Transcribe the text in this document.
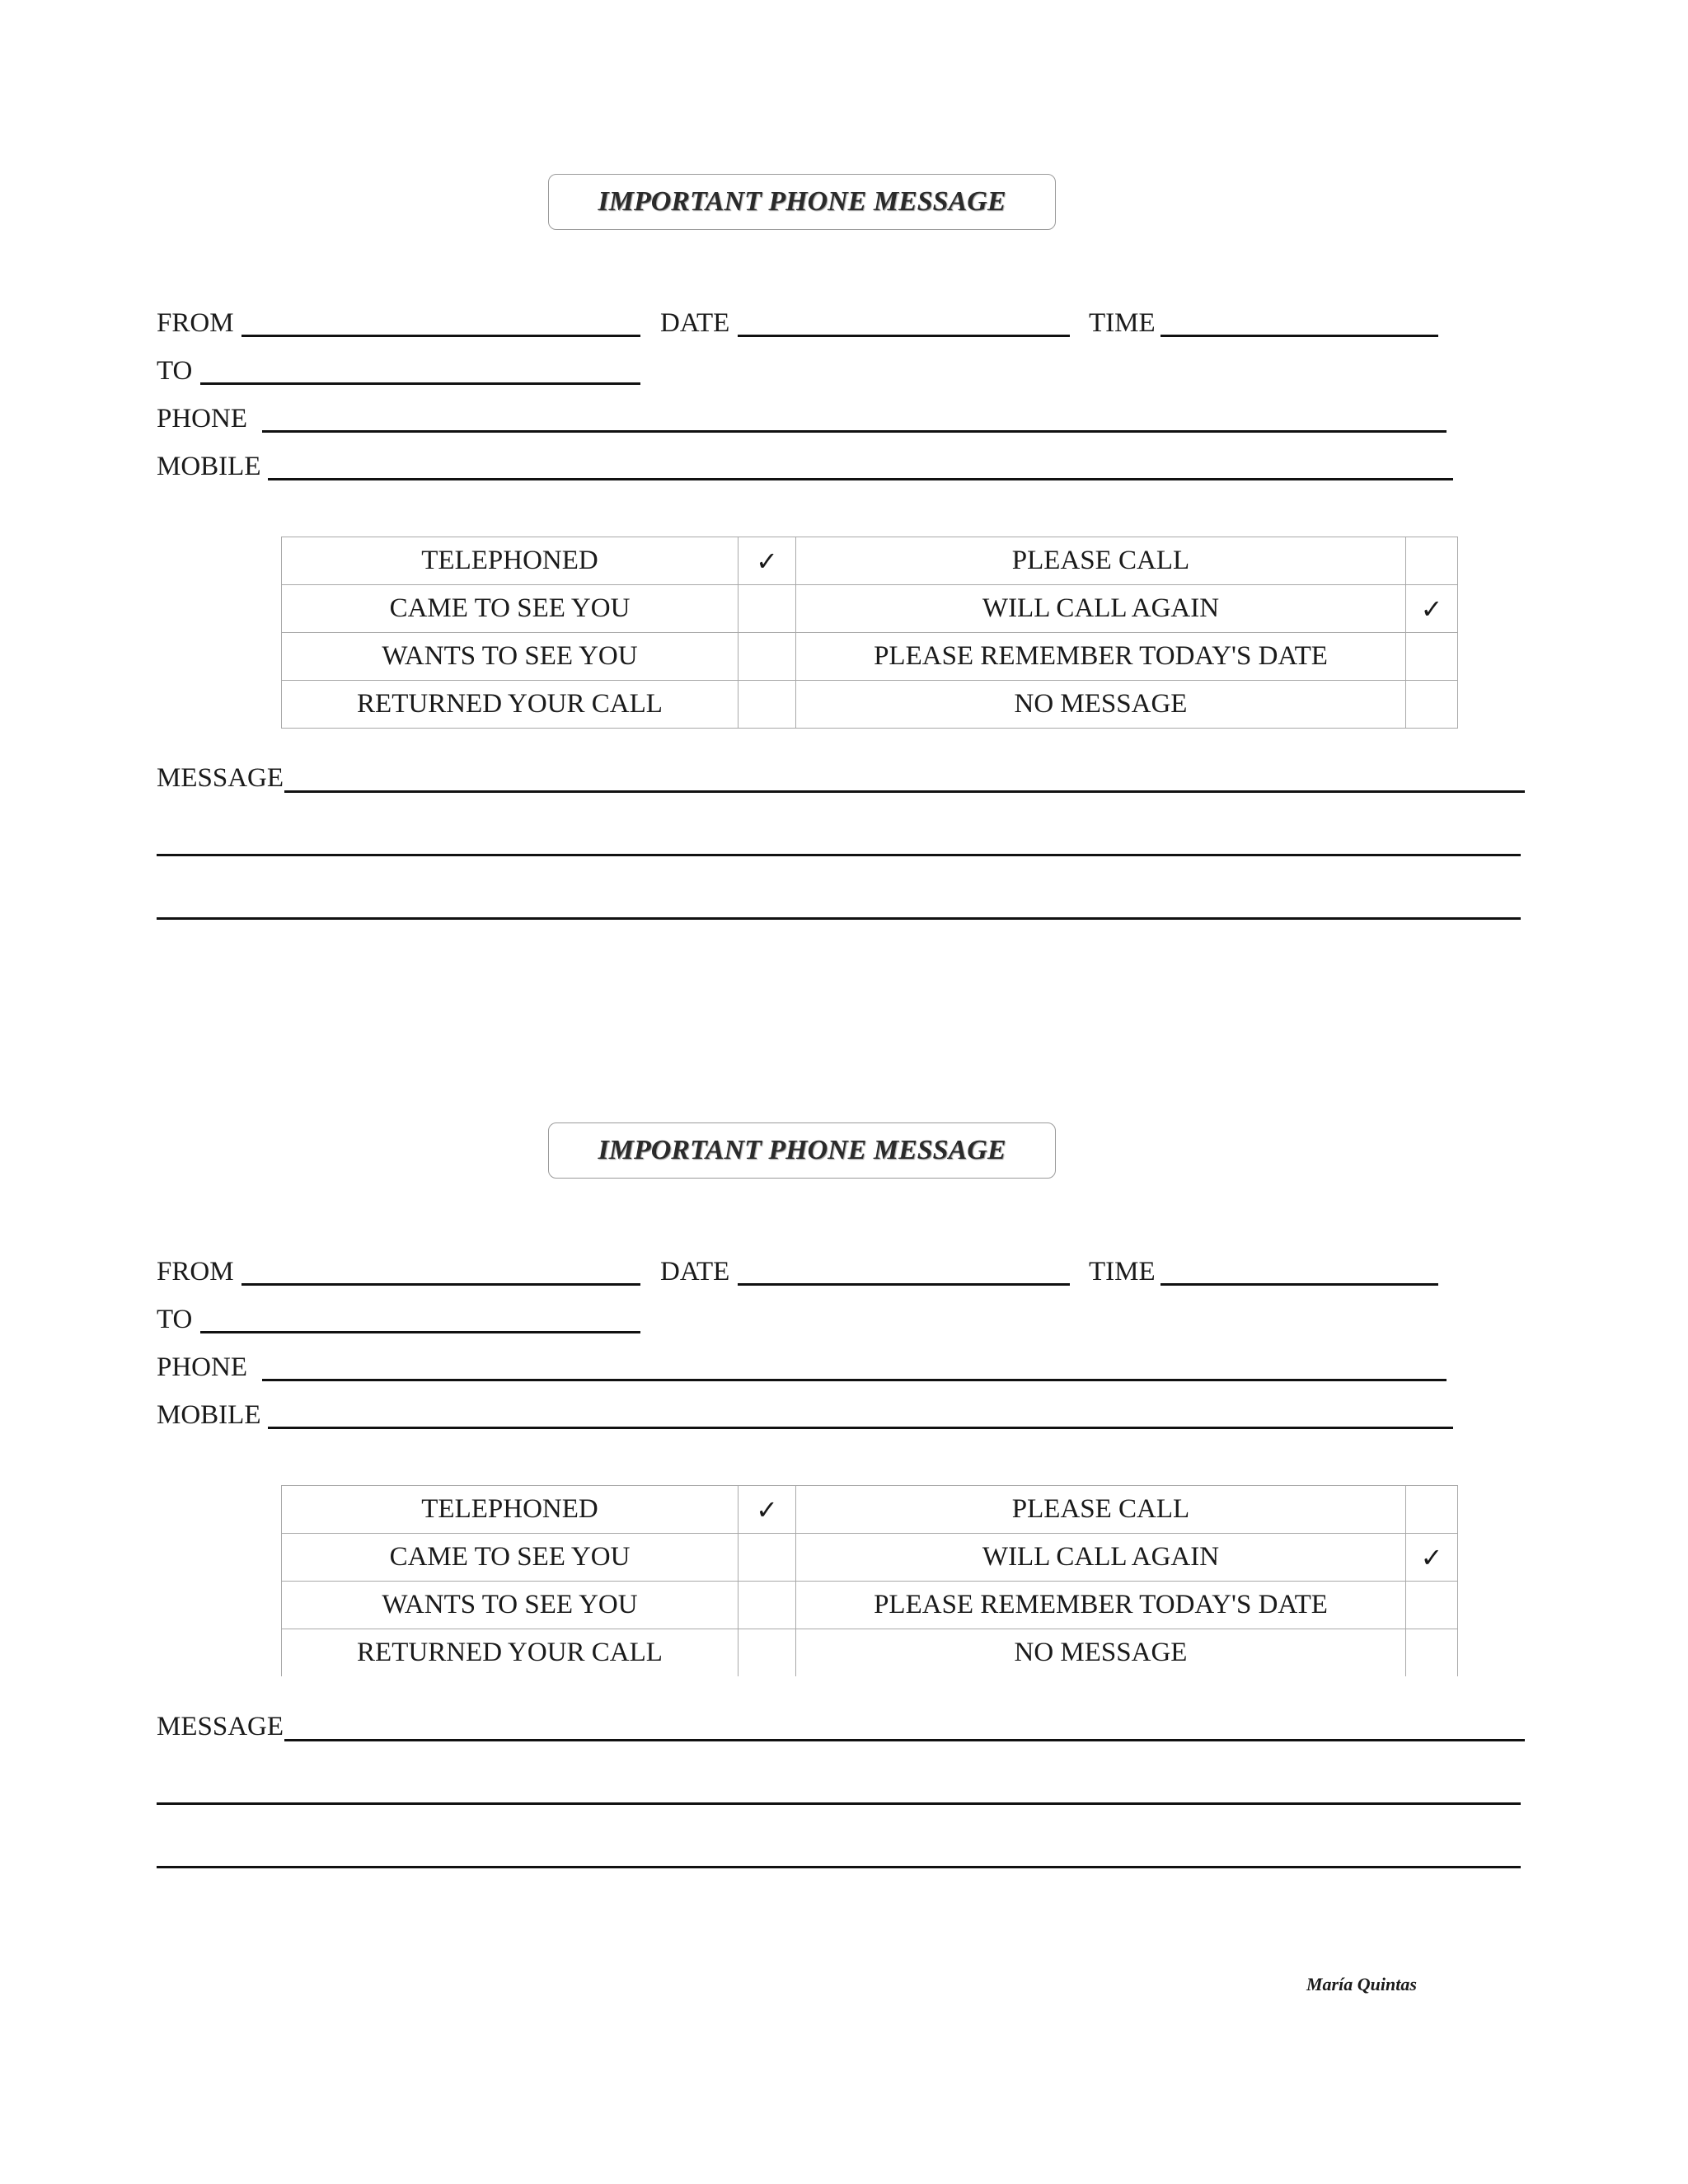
IMPORTANT PHONE MESSAGE
FROM	DATE	TIME
TO
PHONE
MOBILE
TELEPHONED	✓	PLEASE CALL	
CAME TO SEE YOU		WILL CALL AGAIN	✓
WANTS TO SEE YOU		PLEASE REMEMBER TODAY'S DATE	
RETURNED YOUR CALL		NO MESSAGE	
MESSAGE
IMPORTANT PHONE MESSAGE
FROM	DATE	TIME
TO
PHONE
MOBILE
TELEPHONED	✓	PLEASE CALL	
CAME TO SEE YOU		WILL CALL AGAIN	✓
WANTS TO SEE YOU		PLEASE REMEMBER TODAY'S DATE	
RETURNED YOUR CALL		NO MESSAGE	
MESSAGE
María Quintas
